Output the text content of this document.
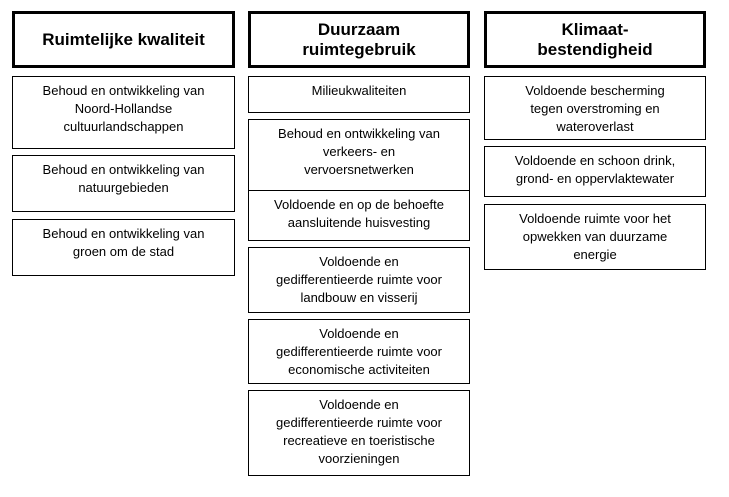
Ruimtelijke kwaliteit
Behoud en ontwikkeling van
Noord-Hollandse
cultuurlandschappen
Behoud en ontwikkeling van
natuurgebieden
Behoud en ontwikkeling van
groen om de stad
Duurzaam
ruimtegebruik
Milieukwaliteiten
Behoud en ontwikkeling van
verkeers- en
vervoersnetwerken
Voldoende en op de behoefte
aansluitende huisvesting
Voldoende en
gedifferentieerde ruimte voor
landbouw en visserij
Voldoende en
gedifferentieerde ruimte voor
economische activiteiten
Voldoende en
gedifferentieerde ruimte voor
recreatieve en toeristische
voorzieningen
Klimaat-
bestendigheid
Voldoende bescherming
tegen overstroming en
wateroverlast
Voldoende en schoon drink,
grond- en oppervlaktewater
Voldoende ruimte voor het
opwekken van duurzame
energie
